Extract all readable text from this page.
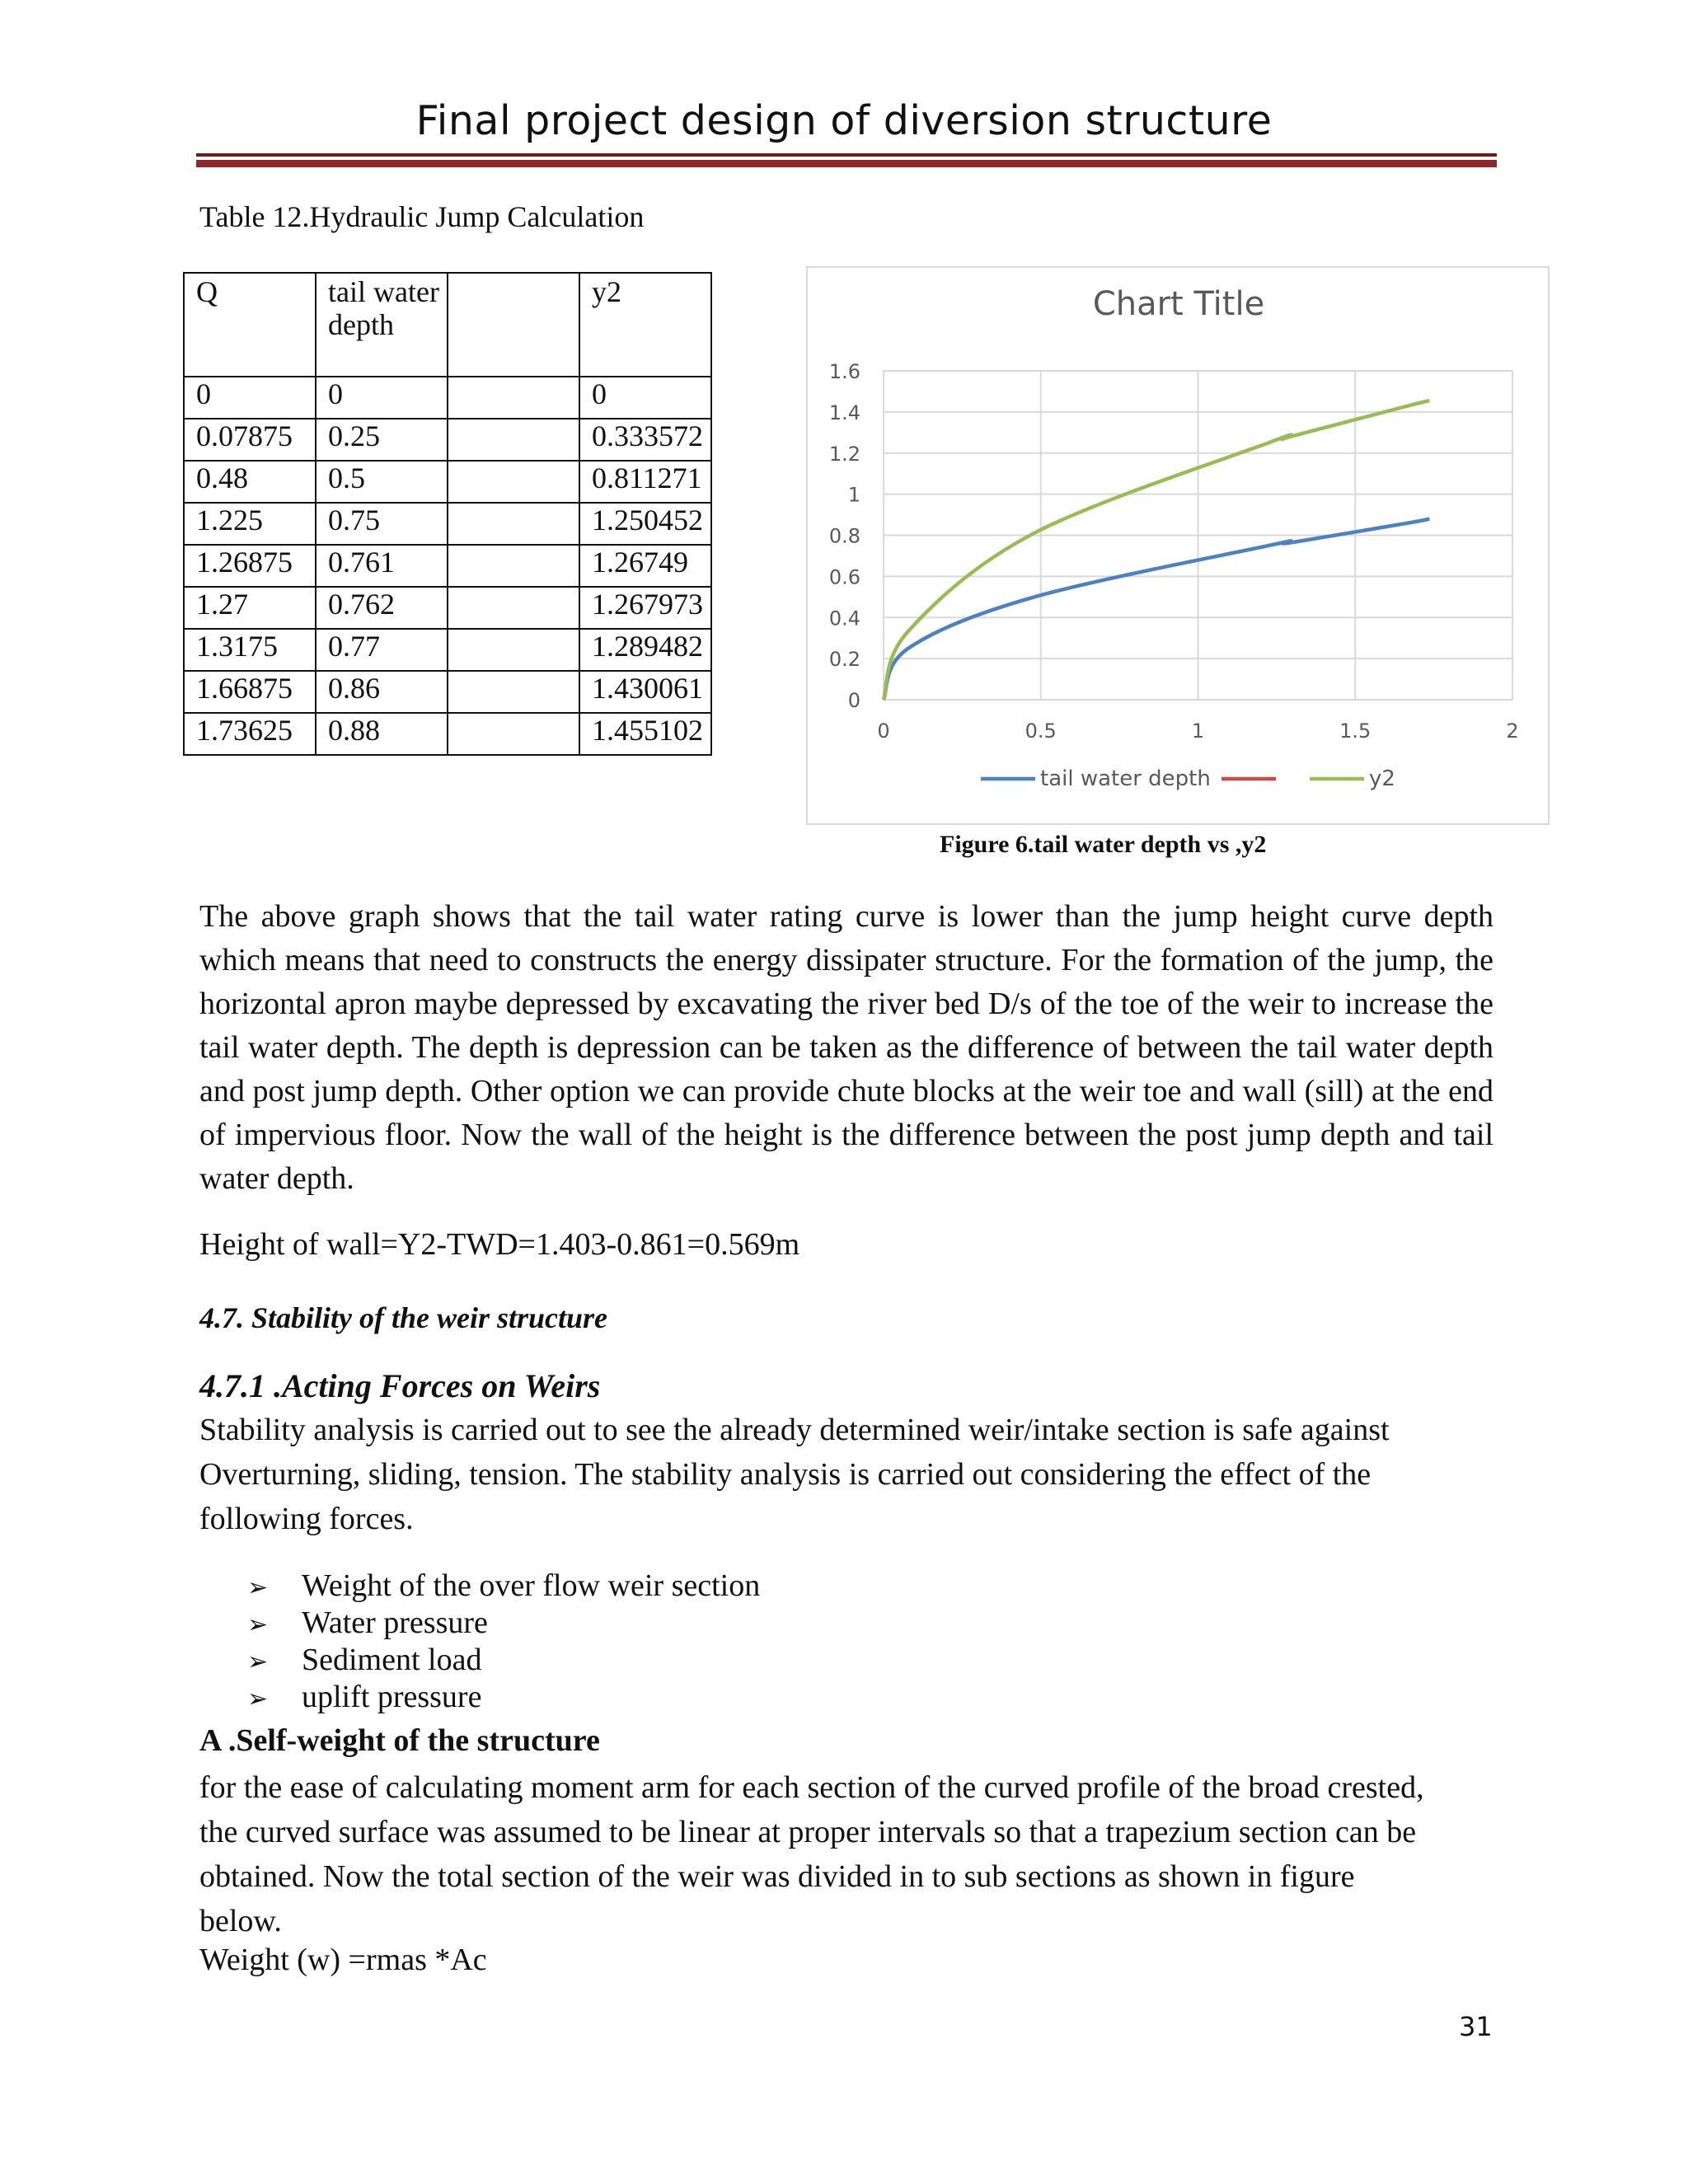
Final project design of diversion structure
Table 12.Hydraulic Jump Calculation
Q	tail water depth		y2
0	0		0
0.07875	0.25		0.333572
0.48	0.5		0.811271
1.225	0.75		1.250452
1.26875	0.761		1.26749
1.27	0.762		1.267973
1.3175	0.77		1.289482
1.66875	0.86		1.430061
1.73625	0.88		1.455102
Chart Title
0
0.2
0.4
0.6
0.8
1
1.2
1.4
1.6
0	0.5	1	1.5	2
tail water depth	y2
Figure 6.tail water depth vs ,y2
The above graph shows that the tail water rating curve is lower than the jump height curve depth which means that need to constructs the energy dissipater structure. For the formation of the jump, the horizontal apron maybe depressed by excavating the river bed D/s of the toe of the weir to increase the tail water depth. The depth is depression can be taken as the difference of between the tail water depth and post jump depth. Other option we can provide chute blocks at the weir toe and wall (sill) at the end of impervious floor. Now the wall of the height is the difference between the post jump depth and tail water depth.
Height of wall=Y2-TWD=1.403-0.861=0.569m
4.7. Stability of the weir structure
4.7.1 .Acting Forces on Weirs
Stability analysis is carried out to see the already determined weir/intake section is safe against Overturning, sliding, tension. The stability analysis is carried out considering the effect of the following forces.
➢ Weight of the over flow weir section
➢ Water pressure
➢ Sediment load
➢ uplift pressure
A .Self-weight of the structure
for the ease of calculating moment arm for each section of the curved profile of the broad crested, the curved surface was assumed to be linear at proper intervals so that a trapezium section can be obtained. Now the total section of the weir was divided in to sub sections as shown in figure below.
Weight (w) =rmas *Ac
31
